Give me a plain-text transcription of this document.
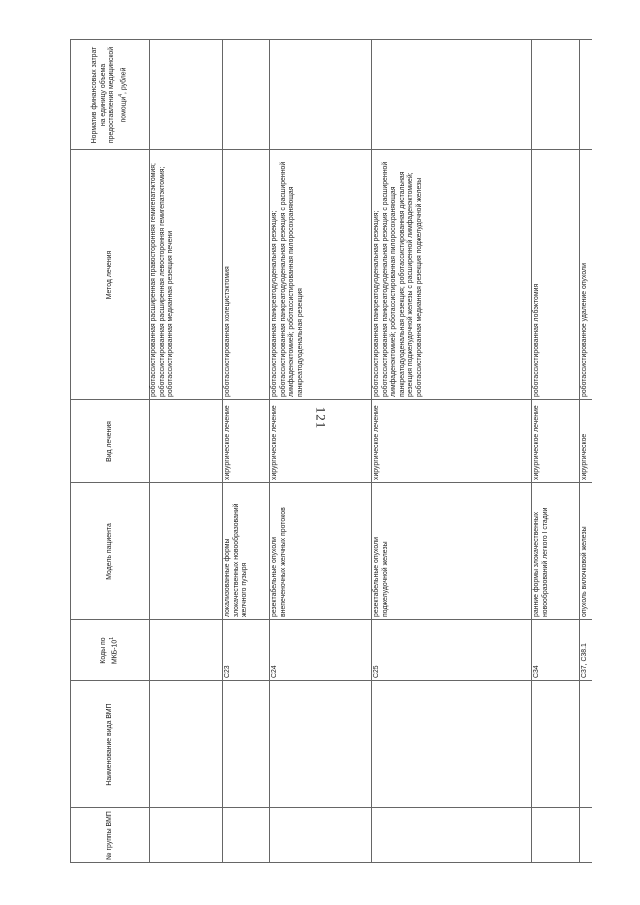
121
№ группы ВМП
Наименование вида ВМП
Коды по МКБ-$10^1$
Модель пациента
Вид лечения
Метод лечения
Норматив финансовых затрат на единицу объема предоставления медицинской помощи$^4$, рублей
роботассистированная расширенная правосторонняя гемигепатэктомия; роботассистированная расширенная левосторонняя гемигепатэктомия; роботассистированная медианная резекция печени
C23
локализованные формы злокачественных новообразований желчного пузыря
хирургическое лечение
роботассистированная холецистэктомия
C24
резектабельные опухоли внепеченочных желчных протоков
хирургическое лечение
роботассистированная панкреатодуоденальная резекция; роботассистированная панкреатодуоденальная резекция с расширенной лимфаденэктомией; роботассистированная пилоросохраняющая панкреатодуоденальная резекция
C25
резектабельные опухоли поджелудочной железы
хирургическое лечение
роботассистированная панкреатодуоденальная резекция; роботассистированная панкреатодуоденальная резекция с расширенной лимфаденэктомией; роботассистированная пилоросохраняющая панкреатодуоденальная резекция; роботассистированная дистальная резекция поджелудочной железы с расширенной лимфаденэктомией; роботассистированная медианная резекция поджелудочной железы
C34
ранние формы злокачественных новообразований легкого I стадии
хирургическое лечение
роботассистированная лобэктомия
C37, C38.1
опухоль вилочковой железы
хирургическое
роботассистированное удаление опухоли
